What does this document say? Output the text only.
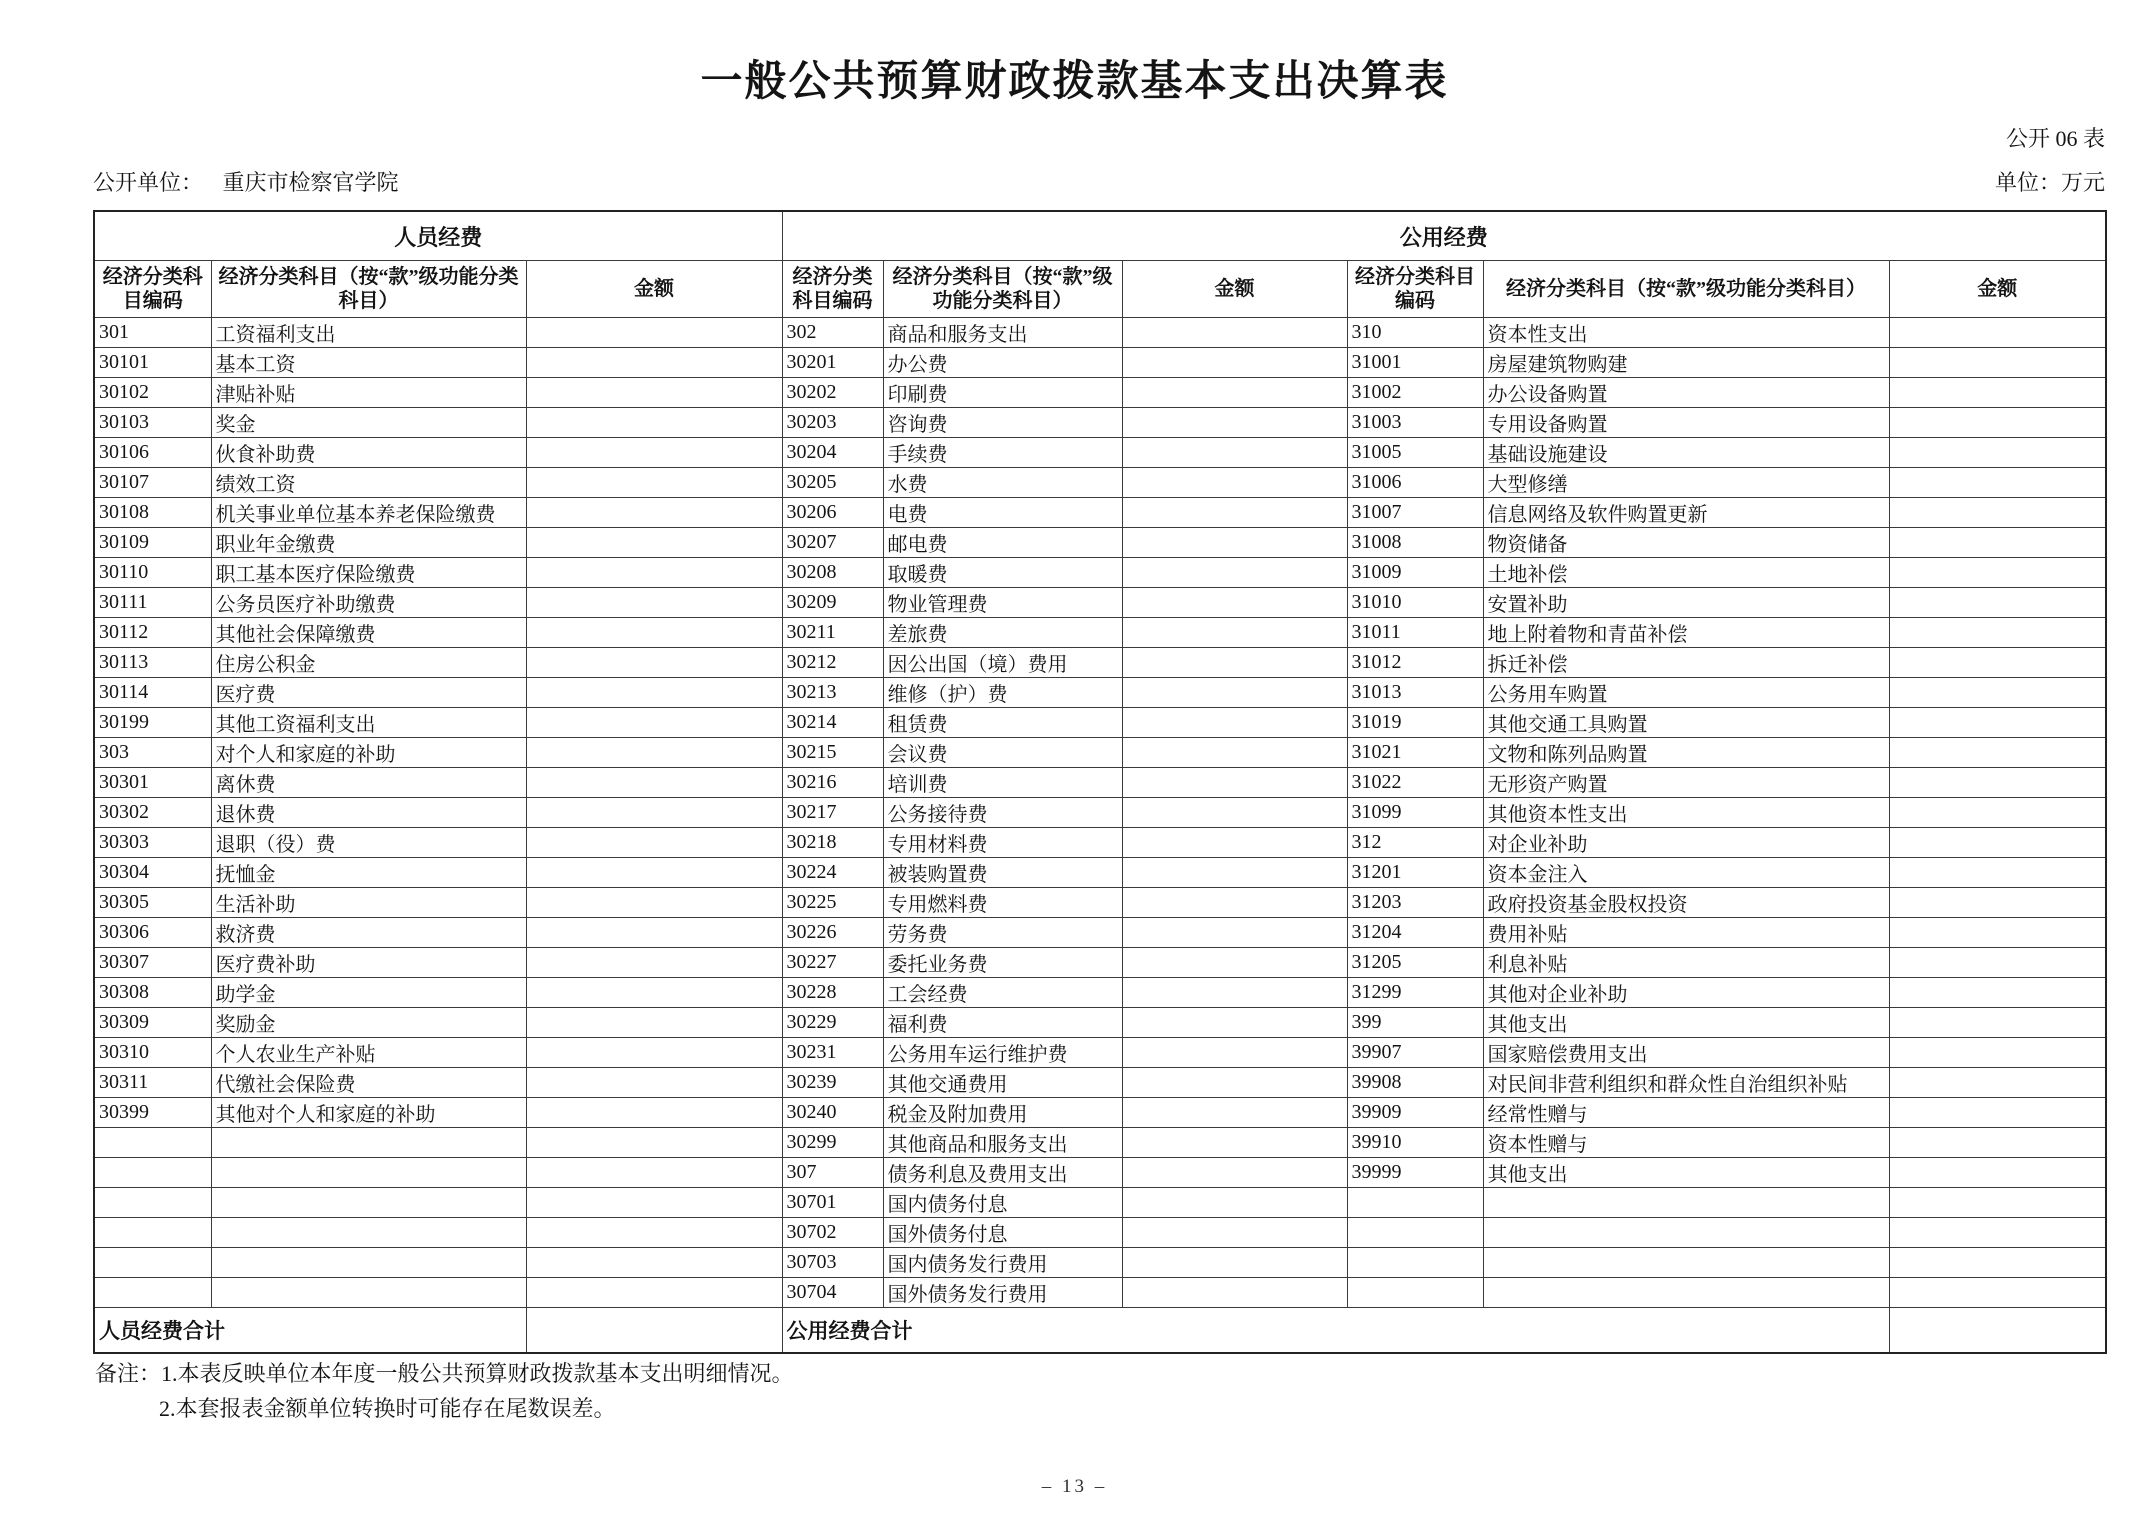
一般公共预算财政拨款基本支出决算表
公开 06 表
公开单位： 重庆市检察官学院	单位：万元
人员经费			公用经费					
经济分类科目编码	经济分类科目（按“款”级功能分类科目）	金额	经济分类科目编码	经济分类科目（按“款”级功能分类科目）	金额	经济分类科目编码	经济分类科目（按“款”级功能分类科目）	金额
301	工资福利支出		302	商品和服务支出		310	资本性支出	
30101	基本工资		30201	办公费		31001	房屋建筑物购建	
30102	津贴补贴		30202	印刷费		31002	办公设备购置	
30103	奖金		30203	咨询费		31003	专用设备购置	
30106	伙食补助费		30204	手续费		31005	基础设施建设	
30107	绩效工资		30205	水费		31006	大型修缮	
30108	机关事业单位基本养老保险缴费		30206	电费		31007	信息网络及软件购置更新	
30109	职业年金缴费		30207	邮电费		31008	物资储备	
30110	职工基本医疗保险缴费		30208	取暖费		31009	土地补偿	
30111	公务员医疗补助缴费		30209	物业管理费		31010	安置补助	
30112	其他社会保障缴费		30211	差旅费		31011	地上附着物和青苗补偿	
30113	住房公积金		30212	因公出国（境）费用		31012	拆迁补偿	
30114	医疗费		30213	维修（护）费		31013	公务用车购置	
30199	其他工资福利支出		30214	租赁费		31019	其他交通工具购置	
303	对个人和家庭的补助		30215	会议费		31021	文物和陈列品购置	
30301	离休费		30216	培训费		31022	无形资产购置	
30302	退休费		30217	公务接待费		31099	其他资本性支出	
30303	退职（役）费		30218	专用材料费		312	对企业补助	
30304	抚恤金		30224	被装购置费		31201	资本金注入	
30305	生活补助		30225	专用燃料费		31203	政府投资基金股权投资	
30306	救济费		30226	劳务费		31204	费用补贴	
30307	医疗费补助		30227	委托业务费		31205	利息补贴	
30308	助学金		30228	工会经费		31299	其他对企业补助	
30309	奖励金		30229	福利费		399	其他支出	
30310	个人农业生产补贴		30231	公务用车运行维护费		39907	国家赔偿费用支出	
30311	代缴社会保险费		30239	其他交通费用		39908	对民间非营利组织和群众性自治组织补贴	
30399	其他对个人和家庭的补助		30240	税金及附加费用		39909	经常性赠与	
			30299	其他商品和服务支出		39910	资本性赠与	
			307	债务利息及费用支出		39999	其他支出	
			30701	国内债务付息				
			30702	国外债务付息				
			30703	国内债务发行费用				
			30704	国外债务发行费用				
人员经费合计			公用经费合计					
备注：1.本表反映单位本年度一般公共预算财政拨款基本支出明细情况。
2.本套报表金额单位转换时可能存在尾数误差。
– 13 –
